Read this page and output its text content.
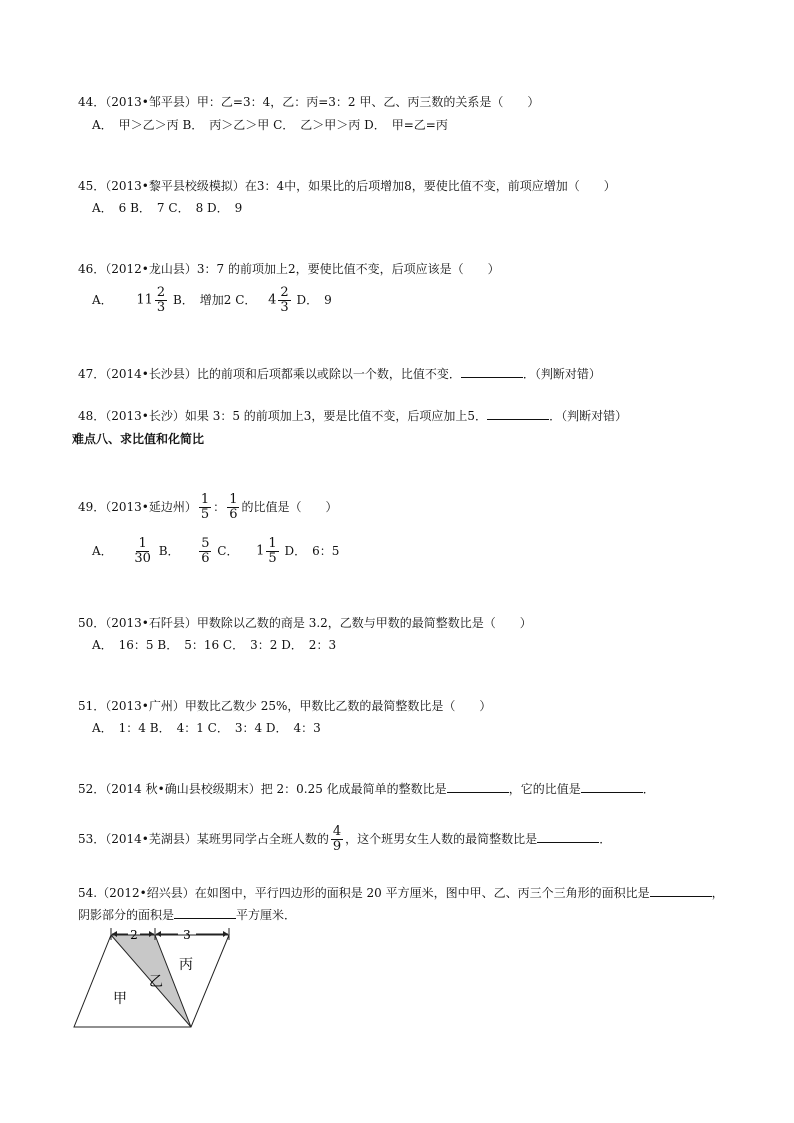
44．（2013•邹平县）甲：乙=3：4，乙：丙=3：2 甲、乙、丙三数的关系是（　　）
A．　甲＞乙＞丙 B．　丙＞乙＞甲 C．　乙＞甲＞丙 D．　甲=乙=丙
45．（2013•黎平县校级模拟）在3：4中，如果比的后项增加8，要使比值不变，前项应增加（　　）
A．　6 B．　7 C．　8 D．　9
46．（2012•龙山县）3：7 的前项加上2，要使比值不变，后项应该是（　　）
A． $11 \frac{2}{3}$ B．　增加2 C． $4 \frac{2}{3}$ D．　9
47．（2014•长沙县）比的前项和后项都乘以或除以一个数，比值不变．	．（判断对错）
48．（2013•长沙）如果 3：5 的前项加上3，要是比值不变，后项应加上5．	．（判断对错）
难点八、求比值和化简比
49．（2013•延边州） $\frac{1}{5}$ ： $\frac{1}{6}$ 的比值是（　　）
A． $\frac{1}{30}$ B． $\frac{5}{6}$ C． $1 \frac{1}{5}$ D．　6：5
50．（2013•石阡县）甲数除以乙数的商是 3.2，乙数与甲数的最简整数比是（　　）
A．　16：5 B．　5：16 C．　3：2 D．　2：3
51．（2013•广州）甲数比乙数少 25%，甲数比乙数的最简整数比是（　　）
A．　1：4 B．　4：1 C．　3：4 D．　4：3
52．（2014 秋•确山县校级期末）把 2：0.25 化成最简单的整数比是	，它的比值是	．
53．（2014•芜湖县）某班男同学占全班人数的 $\frac{4}{9}$ ，这个班男女生人数的最简整数比是	．
54.（2012•绍兴县）在如图中，平行四边形的面积是 20 平方厘米，图中甲、乙、丙三个三角形的面积比是	，
阴影部分的面积是	平方厘米．
2	3
甲
乙
丙
